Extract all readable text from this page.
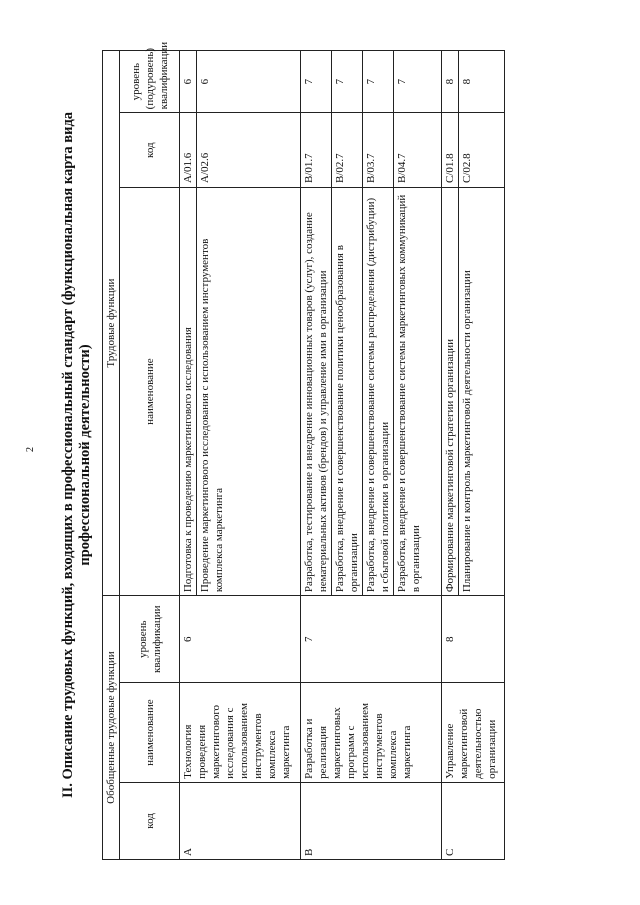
2 II. Описание трудовых функций, входящих в профессиональный стандарт (функциональная карта вида профессиональной деятельности)
Обобщенные трудовые функции			Трудовые функции		
код	наименование	уровень квалификации	наименование	код	уровень (подуровень) квалификации
A	Технология проведения маркетингового исследования с использованием инструментов комплекса маркетинга	6	Подготовка к проведению маркетингового исследования	A/01.6	6
			Проведение маркетингового исследования с использованием инструментов комплекса маркетинга	A/02.6	6
B	Разработка и реализация маркетинговых программ с использованием инструментов комплекса маркетинга	7	Разработка, тестирование и внедрение инновационных товаров (услуг), создание нематериальных активов (брендов) и управление ими в организации	B/01.7	7
			Разработка, внедрение и совершенствование политики ценообразования в организации	B/02.7	7
			Разработка, внедрение и совершенствование системы распределения (дистрибуции) и сбытовой политики в организации	B/03.7	7
			Разработка, внедрение и совершенствование системы маркетинговых коммуникаций в организации	B/04.7	7
C	Управление маркетинговой деятельностью организации	8	Формирование маркетинговой стратегии организации	C/01.8	8
			Планирование и контроль маркетинговой деятельности организации	C/02.8	8
